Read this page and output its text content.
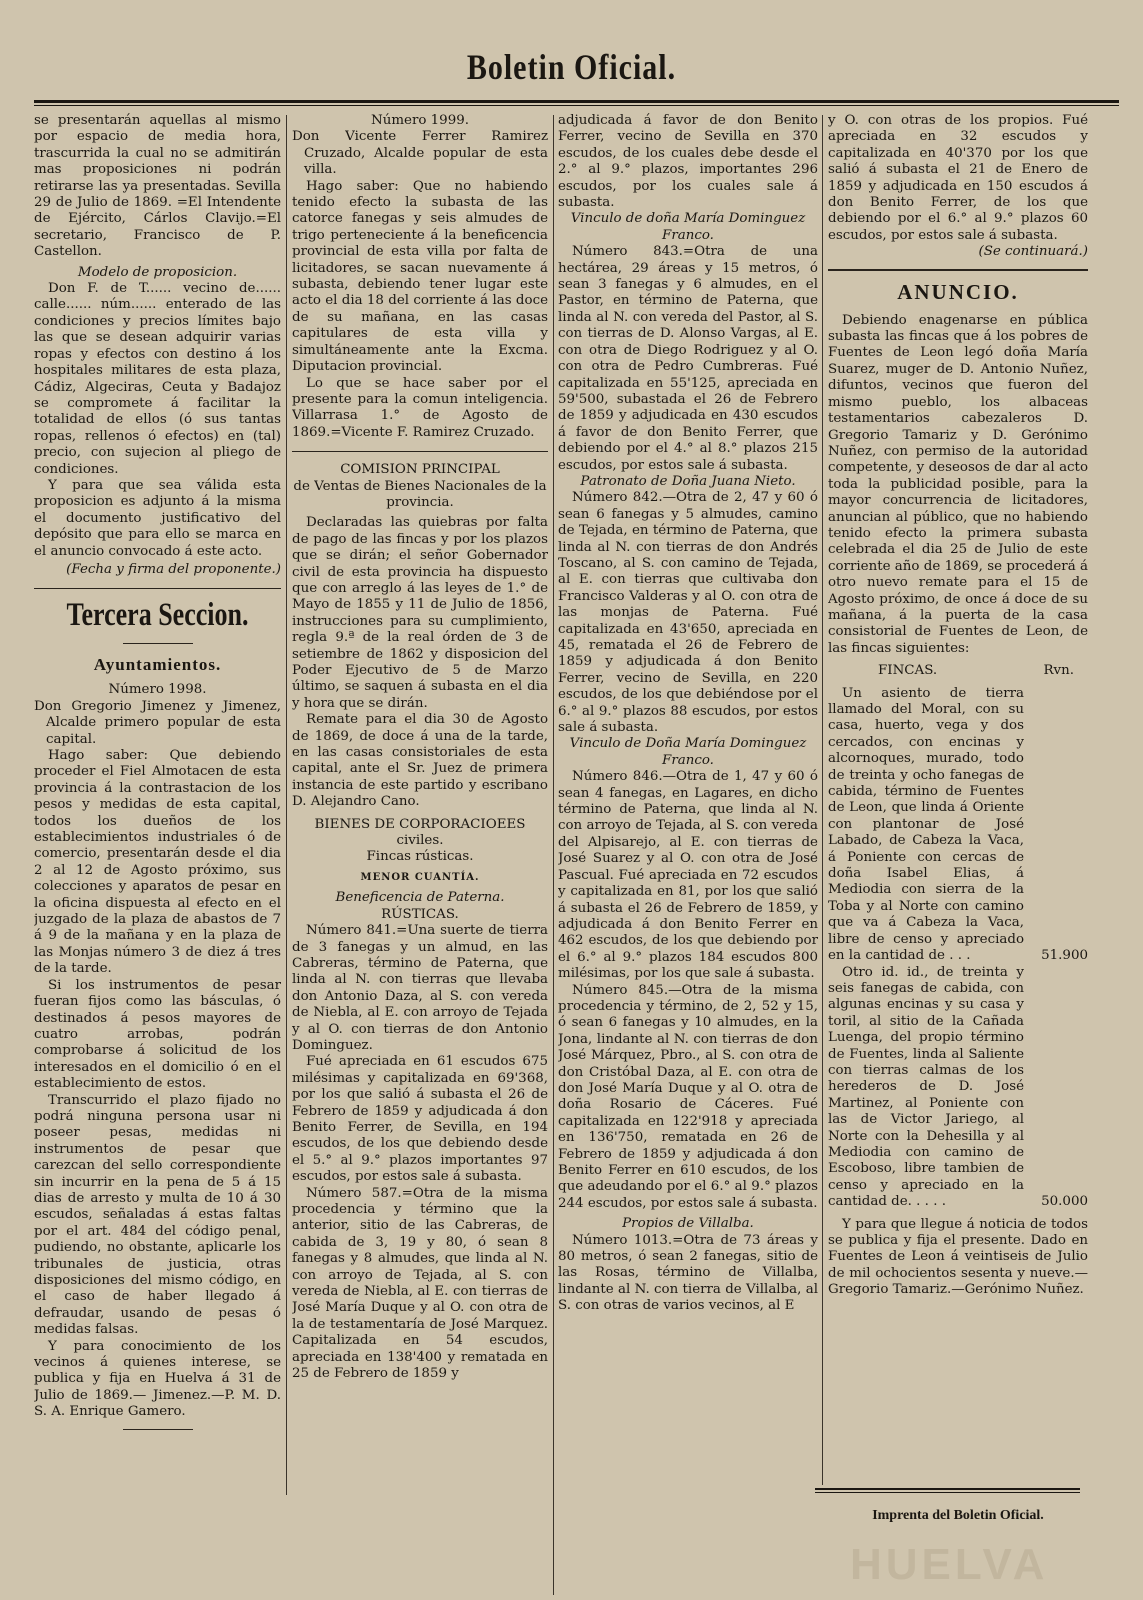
Boletin Oficial.

se presentarán aquellas al mismo por espacio de media hora, trascurrida la cual no se admitirán mas proposiciones ni podrán retirarse las ya presentadas. Sevilla 29 de Julio de 1869. =El Intendente de Ejército, Cárlos Clavijo.=El secretario, Francisco de P. Castellon.

Modelo de proposicion.

Don F. de T...... vecino de...... calle...... núm...... enterado de las condiciones y precios límites bajo las que se desean adquirir varias ropas y efectos con destino á los hospitales militares de esta plaza, Cádiz, Algeciras, Ceuta y Badajoz se compromete á facilitar la totalidad de ellos (ó sus tantas ropas, rellenos ó efectos) en (tal) precio, con sujecion al pliego de condiciones.

Y para que sea válida esta proposicion es adjunto á la misma el documento justificativo del depósito que para ello se marca en el anuncio convocado á este acto.

(Fecha y firma del proponente.)

Tercera Seccion.
Ayuntamientos.

Número 1998.

Don Gregorio Jimenez y Jimenez, Alcalde primero popular de esta capital.

Hago saber: Que debiendo proceder el Fiel Almotacen de esta provincia á la contrastacion de los pesos y medidas de esta capital, todos los dueños de los establecimientos industriales ó de comercio, presentarán desde el dia 2 al 12 de Agosto próximo, sus colecciones y aparatos de pesar en la oficina dispuesta al efecto en el juzgado de la plaza de abastos de 7 á 9 de la mañana y en la plaza de las Monjas número 3 de diez á tres de la tarde.

Si los instrumentos de pesar fueran fijos como las básculas, ó destinados á pesos mayores de cuatro arrobas, podrán comprobarse á solicitud de los interesados en el domicilio ó en el establecimiento de estos.

Transcurrido el plazo fijado no podrá ninguna persona usar ni poseer pesas, medidas ni instrumentos de pesar que carezcan del sello correspondiente sin incurrir en la pena de 5 á 15 dias de arresto y multa de 10 á 30 escudos, señaladas á estas faltas por el art. 484 del código penal, pudiendo, no obstante, aplicarle los tribunales de justicia, otras disposiciones del mismo código, en el caso de haber llegado á defraudar, usando de pesas ó medidas falsas.

Y para conocimiento de los vecinos á quienes interese, se publica y fija en Huelva á 31 de Julio de 1869.— Jimenez.—P. M. D. S. A. Enrique Gamero.

Número 1999.

Don Vicente Ferrer Ramirez Cruzado, Alcalde popular de esta villa.

Hago saber: Que no habiendo tenido efecto la subasta de las catorce fanegas y seis almudes de trigo perteneciente á la beneficencia provincial de esta villa por falta de licitadores, se sacan nuevamente á subasta, debiendo tener lugar este acto el dia 18 del corriente á las doce de su mañana, en las casas capitulares de esta villa y simultáneamente ante la Excma. Diputacion provincial.

Lo que se hace saber por el presente para la comun inteligencia. Villarrasa 1.° de Agosto de 1869.=Vicente F. Ramirez Cruzado.

COMISION PRINCIPAL

de Ventas de Bienes Nacionales de la provincia.

Declaradas las quiebras por falta de pago de las fincas y por los plazos que se dirán; el señor Gobernador civil de esta provincia ha dispuesto que con arreglo á las leyes de 1.° de Mayo de 1855 y 11 de Julio de 1856, instrucciones para su cumplimiento, regla 9.ª de la real órden de 3 de setiembre de 1862 y disposicion del Poder Ejecutivo de 5 de Marzo último, se saquen á subasta en el dia y hora que se dirán.

Remate para el dia 30 de Agosto de 1869, de doce á una de la tarde, en las casas consistoriales de esta capital, ante el Sr. Juez de primera instancia de este partido y escribano D. Alejandro Cano.

BIENES DE CORPORACIOEES civiles.

Fincas rústicas.

MENOR CUANTÍA.

Beneficencia de Paterna.

RÚSTICAS.

Número 841.=Una suerte de tierra de 3 fanegas y un almud, en las Cabreras, término de Paterna, que linda al N. con tierras que llevaba don Antonio Daza, al S. con vereda de Niebla, al E. con arroyo de Tejada y al O. con tierras de don Antonio Dominguez.

Fué apreciada en 61 escudos 675 milésimas y capitalizada en 69'368, por los que salió á subasta el 26 de Febrero de 1859 y adjudicada á don Benito Ferrer, de Sevilla, en 194 escudos, de los que debiendo desde el 5.° al 9.° plazos importantes 97 escudos, por estos sale á subasta.

Número 587.=Otra de la misma procedencia y término que la anterior, sitio de las Cabreras, de cabida de 3, 19 y 80, ó sean 8 fanegas y 8 almudes, que linda al N. con arroyo de Tejada, al S. con vereda de Niebla, al E. con tierras de José María Duque y al O. con otra de la de testamentaría de José Marquez. Capitalizada en 54 escudos, apreciada en 138'400 y rematada en 25 de Febrero de 1859 y

adjudicada á favor de don Benito Ferrer, vecino de Sevilla en 370 escudos, de los cuales debe desde el 2.° al 9.° plazos, importantes 296 escudos, por los cuales sale á subasta.

Vinculo de doña María Dominguez Franco.

Número 843.=Otra de una hectárea, 29 áreas y 15 metros, ó sean 3 fanegas y 6 almudes, en el Pastor, en término de Paterna, que linda al N. con vereda del Pastor, al S. con tierras de D. Alonso Vargas, al E. con otra de Diego Rodriguez y al O. con otra de Pedro Cumbreras. Fué capitalizada en 55'125, apreciada en 59'500, subastada el 26 de Febrero de 1859 y adjudicada en 430 escudos á favor de don Benito Ferrer, que debiendo por el 4.° al 8.° plazos 215 escudos, por estos sale á subasta.

Patronato de Doña Juana Nieto.

Número 842.—Otra de 2, 47 y 60 ó sean 6 fanegas y 5 almudes, camino de Tejada, en término de Paterna, que linda al N. con tierras de don Andrés Toscano, al S. con camino de Tejada, al E. con tierras que cultivaba don Francisco Valderas y al O. con otra de las monjas de Paterna. Fué capitalizada en 43'650, apreciada en 45, rematada el 26 de Febrero de 1859 y adjudicada á don Benito Ferrer, vecino de Sevilla, en 220 escudos, de los que debiéndose por el 6.° al 9.° plazos 88 escudos, por estos sale á subasta.

Vinculo de Doña María Dominguez Franco.

Número 846.—Otra de 1, 47 y 60 ó sean 4 fanegas, en Lagares, en dicho término de Paterna, que linda al N. con arroyo de Tejada, al S. con vereda del Alpisarejo, al E. con tierras de José Suarez y al O. con otra de José Pascual. Fué apreciada en 72 escudos y capitalizada en 81, por los que salió á subasta el 26 de Febrero de 1859, y adjudicada á don Benito Ferrer en 462 escudos, de los que debiendo por el 6.° al 9.° plazos 184 escudos 800 milésimas, por los que sale á subasta.

Número 845.—Otra de la misma procedencia y término, de 2, 52 y 15, ó sean 6 fanegas y 10 almudes, en la Jona, lindante al N. con tierras de don José Márquez, Pbro., al S. con otra de don Cristóbal Daza, al E. con otra de don José María Duque y al O. otra de doña Rosario de Cáceres. Fué capitalizada en 122'918 y apreciada en 136'750, rematada en 26 de Febrero de 1859 y adjudicada á don Benito Ferrer en 610 escudos, de los que adeudando por el 6.° al 9.° plazos 244 escudos, por estos sale á subasta.

Propios de Villalba.

Número 1013.=Otra de 73 áreas y 80 metros, ó sean 2 fanegas, sitio de las Rosas, término de Villalba, lindante al N. con tierra de Villalba, al S. con otras de varios vecinos, al E

y O. con otras de los propios. Fué apreciada en 32 escudos y capitalizada en 40'370 por los que salió á subasta el 21 de Enero de 1859 y adjudicada en 150 escudos á don Benito Ferrer, de los que debiendo por el 6.° al 9.° plazos 60 escudos, por estos sale á subasta.

(Se continuará.)

ANUNCIO.

Debiendo enagenarse en pública subasta las fincas que á los pobres de Fuentes de Leon legó doña María Suarez, muger de D. Antonio Nuñez, difuntos, vecinos que fueron del mismo pueblo, los albaceas testamentarios cabezaleros D. Gregorio Tamariz y D. Gerónimo Nuñez, con permiso de la autoridad competente, y deseosos de dar al acto toda la publicidad posible, para la mayor concurrencia de licitadores, anuncian al público, que no habiendo tenido efecto la primera subasta celebrada el dia 25 de Julio de este corriente año de 1869, se procederá á otro nuevo remate para el 15 de Agosto próximo, de once á doce de su mañana, á la puerta de la casa consistorial de Fuentes de Leon, de las fincas siguientes:

FINCAS.	Rvn.

Un asiento de tierra llamado del Moral, con su casa, huerto, vega y dos cercados, con encinas y alcornoques, murado, todo de treinta y ocho fanegas de cabida, término de Fuentes de Leon, que linda á Oriente con plantonar de José Labado, de Cabeza la Vaca, á Poniente con cercas de doña Isabel Elias, á Mediodia con sierra de la Toba y al Norte con camino que va á Cabeza la Vaca, libre de censo y apreciado en la cantidad de . . .	51.900

Otro id. id., de treinta y seis fanegas de cabida, con algunas encinas y su casa y toril, al sitio de la Cañada Luenga, del propio término de Fuentes, linda al Saliente con tierras calmas de los herederos de D. José Martinez, al Poniente con las de Victor Jariego, al Norte con la Dehesilla y al Mediodia con camino de Escoboso, libre tambien de censo y apreciado en la cantidad de. . . . .	50.000

Y para que llegue á noticia de todos se publica y fija el presente. Dado en Fuentes de Leon á veintiseis de Julio de mil ochocientos sesenta y nueve.—Gregorio Tamariz.—Gerónimo Nuñez.

Imprenta del Boletin Oficial.
HUELVA
